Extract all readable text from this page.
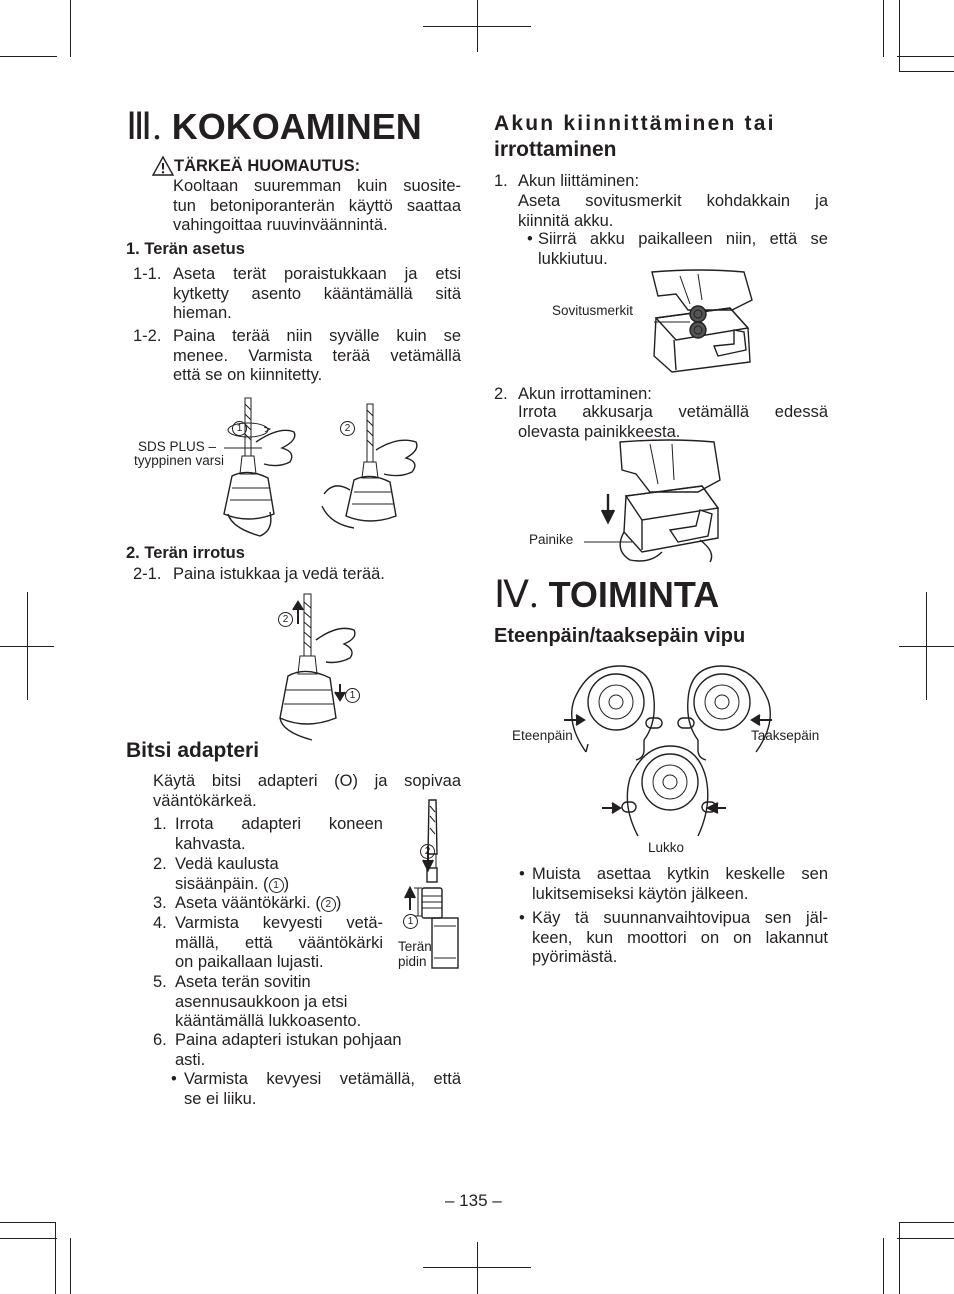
Ⅲ. KOKOAMINEN
TÄRKEÄ HUOMAUTUS:
Kooltaan suuremman kuin suosite-
tun betoniporanterän käyttö saattaa
vahingoittaa ruuvinväännintä.
1. Terän asetus
1-1. Aseta terät poraistukkaan ja etsi
kytketty asento kääntämällä sitä
hieman.
1-2. Paina terää niin syvälle kuin se
menee. Varmista terää vetämällä
että se on kiinnitetty.
1	2
SDS PLUS –
tyyppinen varsi
2. Terän irrotus
2-1. Paina istukkaa ja vedä terää.
2
1
Bitsi adapteri
Käytä bitsi adapteri (O) ja sopivaa
vääntökärkeä.
1. Irrota adapteri koneen
kahvasta.
2. Vedä kaulusta
sisäänpäin. ( 1 )
3. Aseta vääntökärki. ( 2 )
4. Varmista kevyesti vetä-
mällä, että vääntökärki
on paikallaan lujasti.
5. Aseta terän sovitin
asennusaukkoon ja etsi
kääntämällä lukkoasento.
6. Paina adapteri istukan pohjaan
asti.
• Varmista kevyesi vetämällä, että
se ei liiku.
2
1
Terän
pidin
Akun kiinnittäminen tai
irrottaminen
1. Akun liittäminen:
Aseta sovitusmerkit kohdakkain ja
kiinnitä akku.
• Siirrä akku paikalleen niin, että se
lukkiutuu.
Sovitusmerkit
2. Akun irrottaminen:
Irrota akkusarja vetämällä edessä
olevasta painikkeesta.
Painike
Ⅳ. TOIMINTA
Eteenpäin/taaksepäin vipu
Eteenpäin	Taaksepäin
Lukko
• Muista asettaa kytkin keskelle sen
lukitsemiseksi käytön jälkeen.
• Käy tä suunnanvaihtovipua sen jäl-
keen, kun moottori on on lakannut
pyörimästä.
– 135 –
